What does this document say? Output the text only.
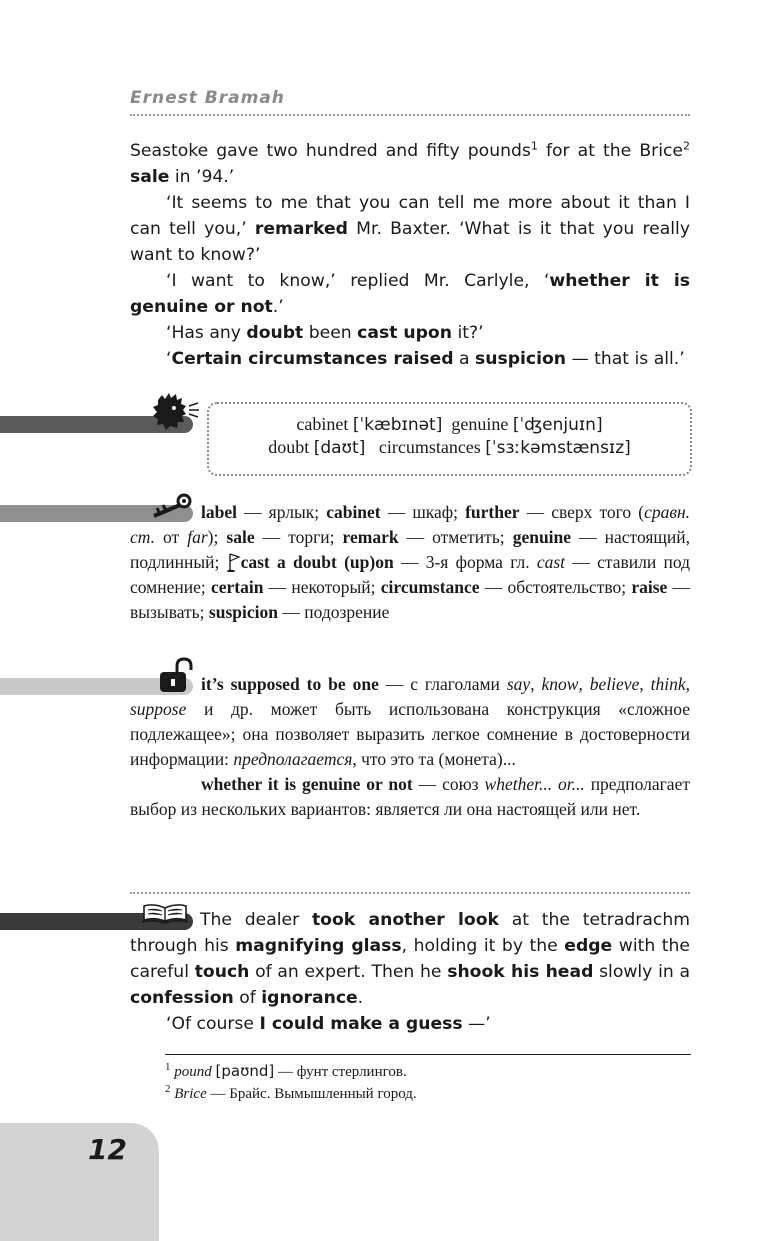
Ernest Bramah

Seastoke gave two hundred and fifty pounds$^1$ for at the Brice$^2$ sale in ’94.’

‘It seems to me that you can tell me more about it than I can tell you,’ remarked Mr. Baxter. ‘What is it that you really want to know?’

‘I want to know,’ replied Mr. Carlyle, ‘whether it is genuine or not.’

‘Has any doubt been cast upon it?’

‘Certain circumstances raised a suspicion — that is all.’

cabinet [ˈkæbɪnət] genuine [ˈʤenjuɪn]
doubt [daʊt] circumstances [ˈsɜːkəmstænsɪz]

label — ярлык; cabinet — шкаф; further — сверх того (сравн. ст. от far); sale — торги; remark — отметить; genuine — настоящий, подлинный; cast a doubt (up)on — 3-я форма гл. cast — ставили под сомнение; certain — некоторый; circumstance — обстоятельство; raise — вызывать; suspicion — подозрение

it’s supposed to be one — с глаголами say, know, believe, think, suppose и др. может быть использована конструкция «сложное подлежащее»; она позволяет выразить легкое сомнение в достоверности информации: предполагается, что это та (монета)...

whether it is genuine or not — союз whether... or... предполагает выбор из нескольких вариантов: является ли она настоящей или нет.

The dealer took another look at the tetradrachm through his magnifying glass, holding it by the edge with the careful touch of an expert. Then he shook his head slowly in a confession of ignorance.

‘Of course I could make a guess —’

$^1$ pound [paʊnd] — фунт стерлингов.
$^2$ Brice — Брайс. Вымышленный город.
12
